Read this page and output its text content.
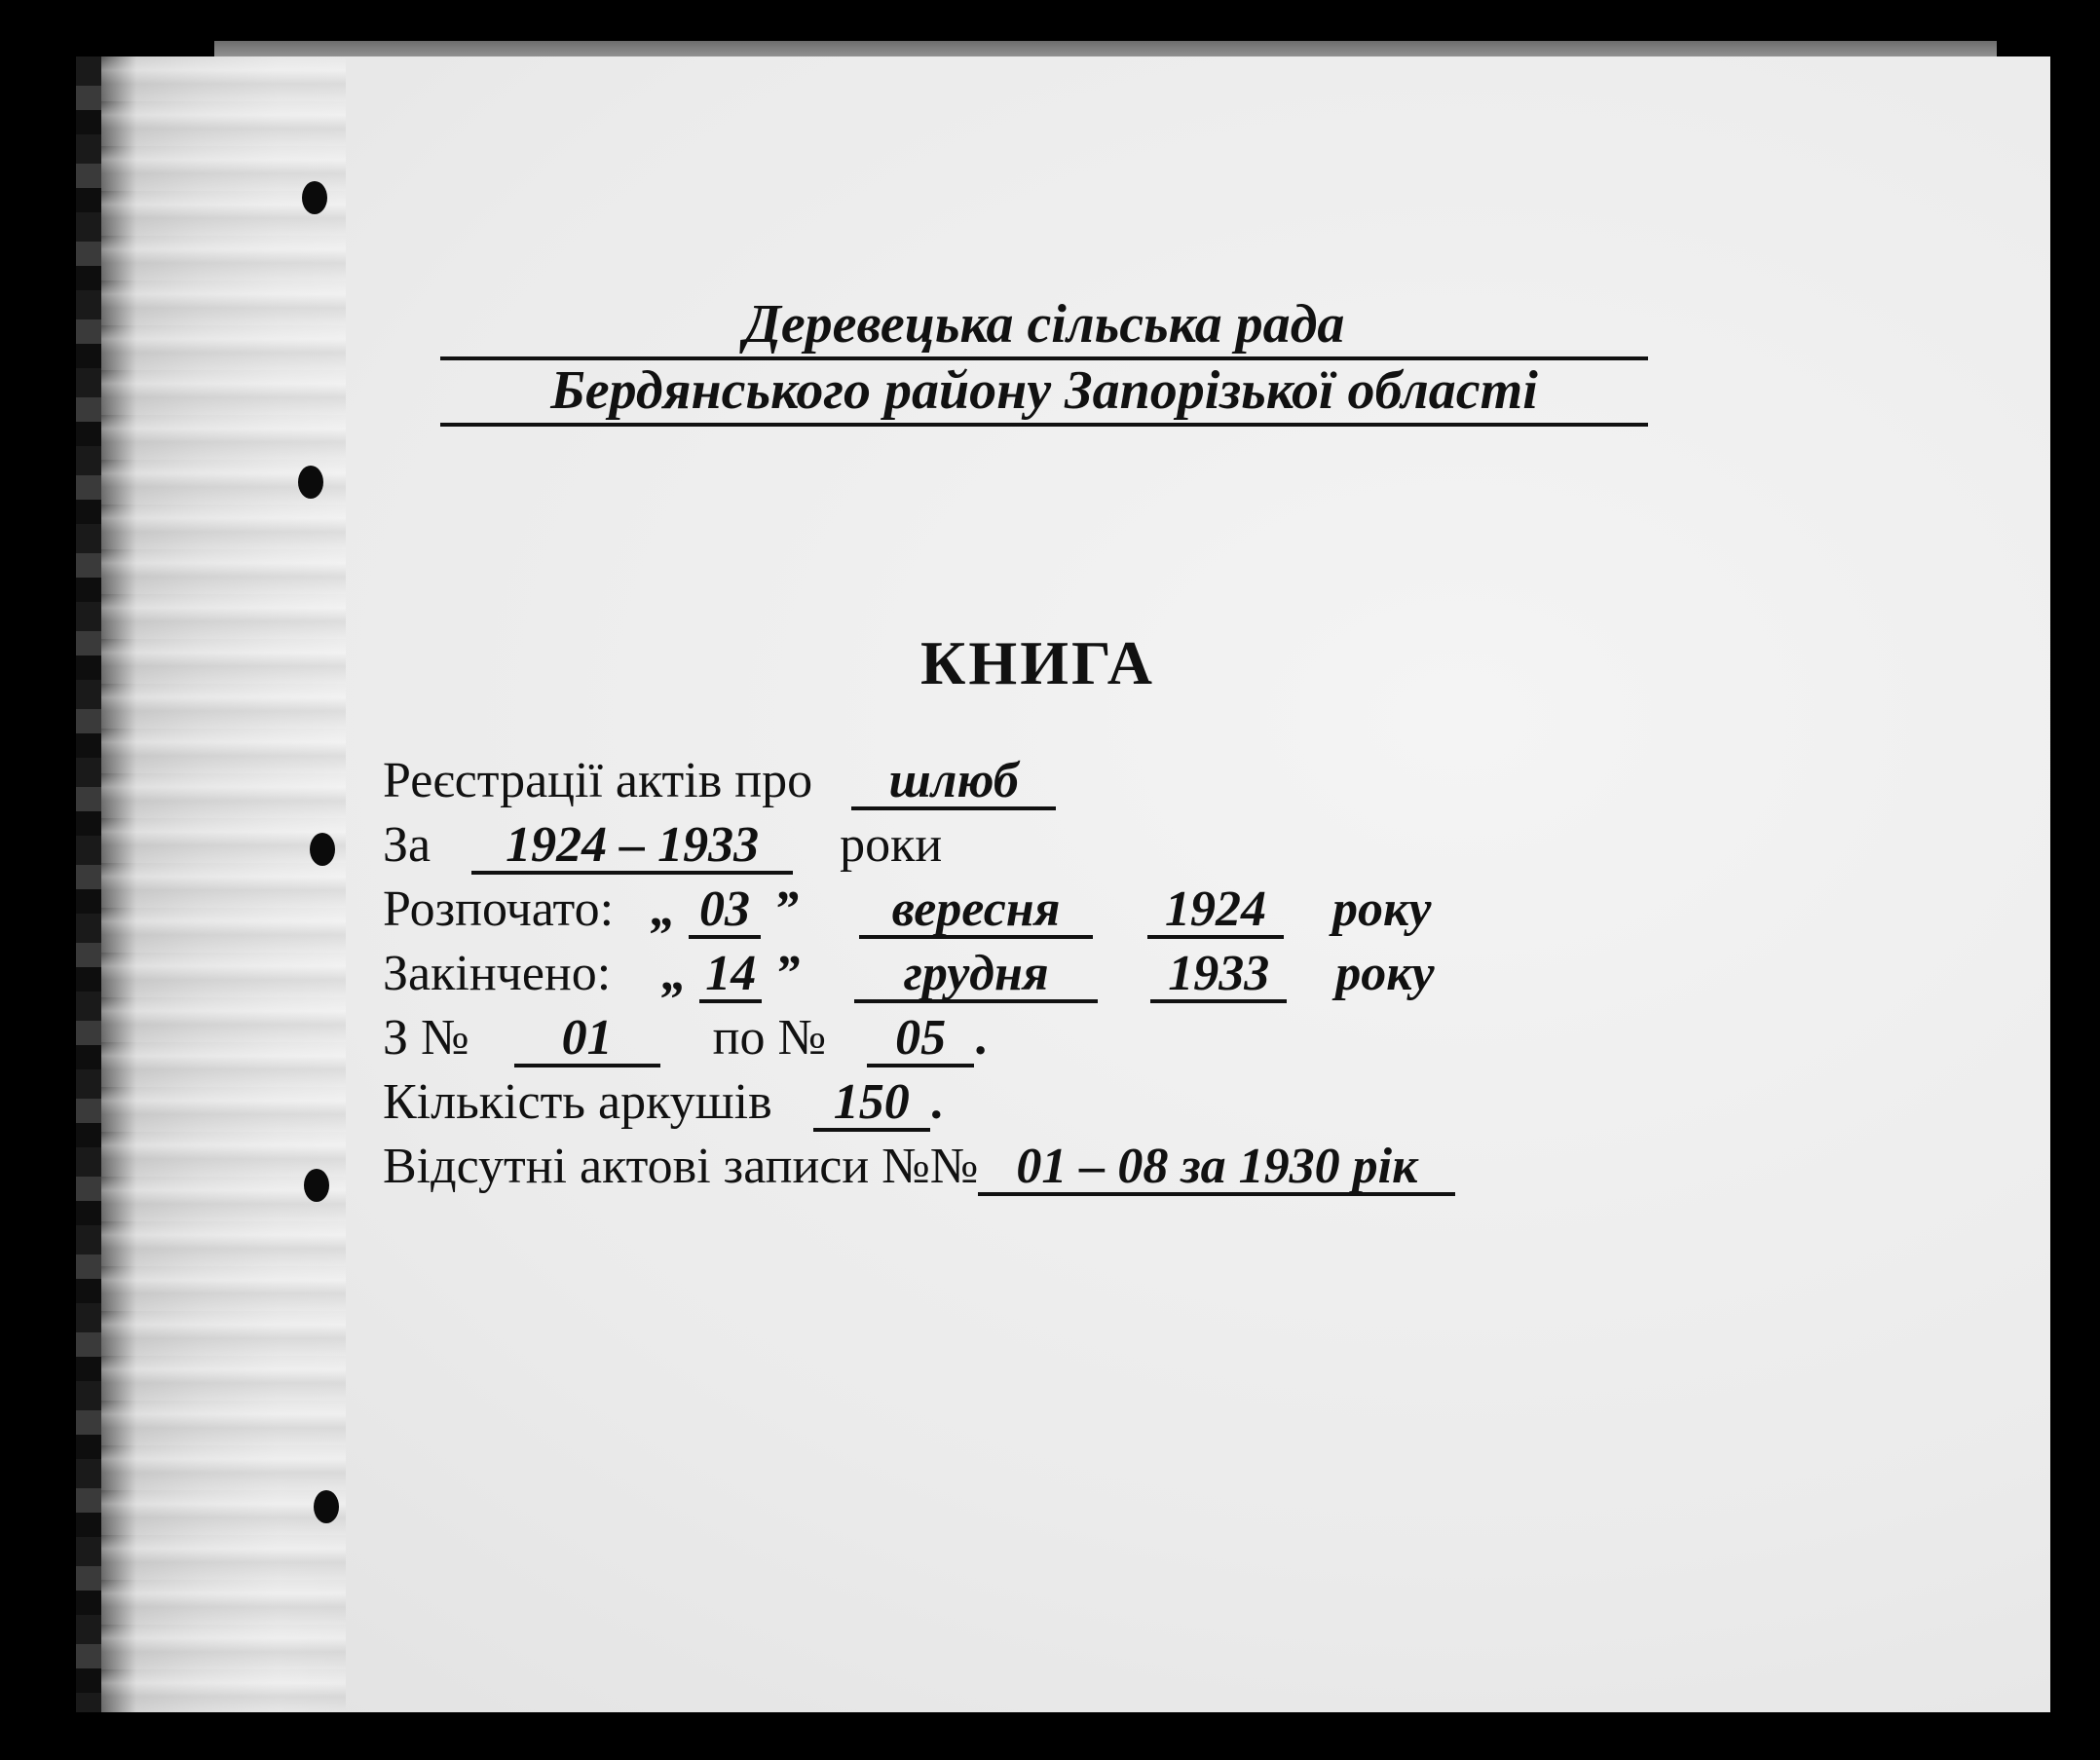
Деревецька сільська рада
Бердянського району Запорізької області
КНИГА
Реєстрації актів про шлюб
За 1924 – 1933 роки
Розпочато: „ 03 ” вересня 1924 року
Закінчено: „ 14 ” грудня 1933 року
З № 01 по № 05 .
Кількість аркушів 150 .
Відсутні актові записи №№ 01 – 08 за 1930 рік
